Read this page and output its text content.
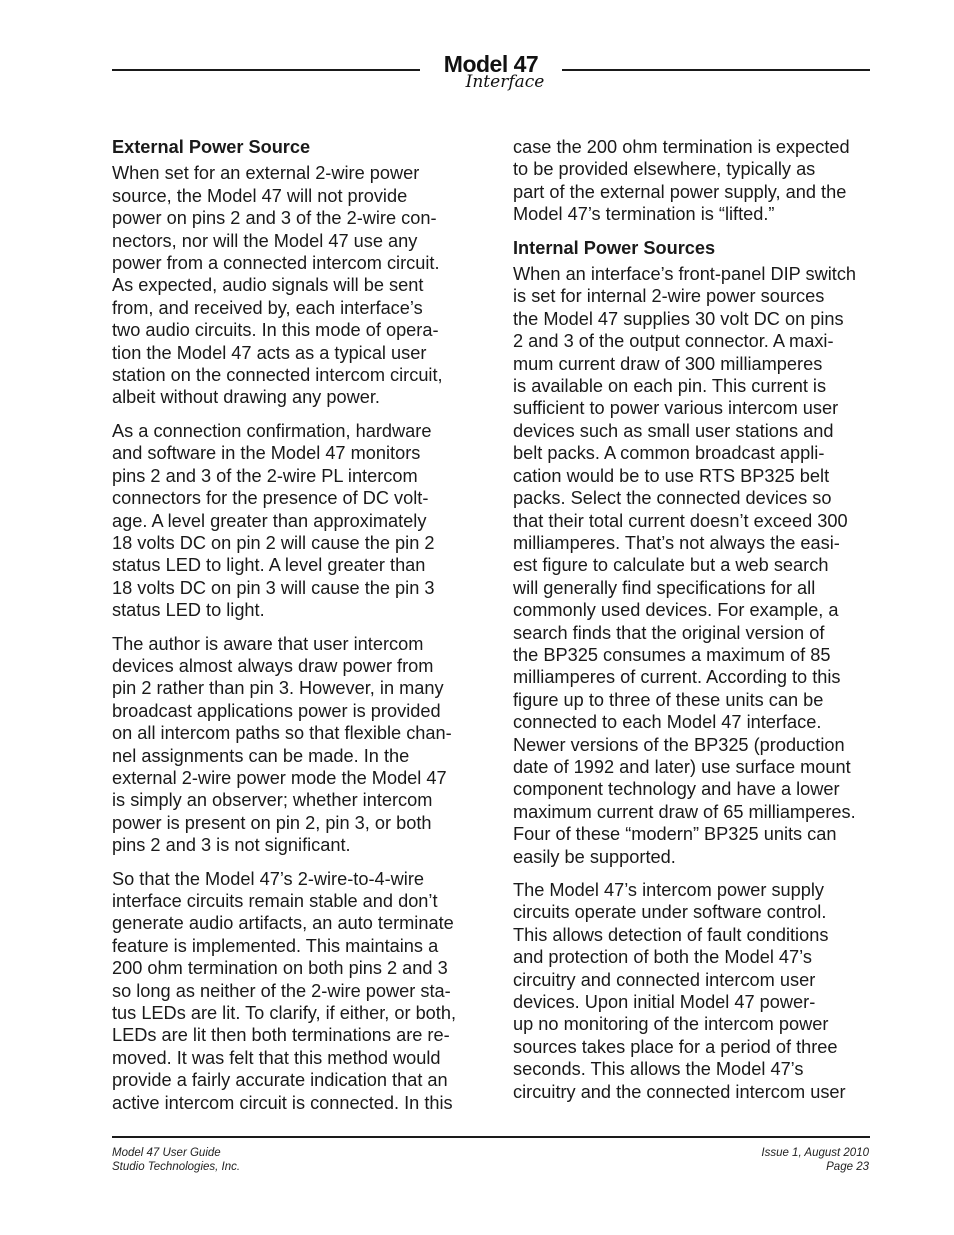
Model 47
Interface
External Power Source

When set for an external 2-wire power
source, the Model 47 will not provide
power on pins 2 and 3 of the 2-wire con-
nectors, nor will the Model 47 use any
power from a connected intercom circuit.
As expected, audio signals will be sent
from, and received by, each interface’s
two audio circuits. In this mode of opera-
tion the Model 47 acts as a typical user
station on the connected intercom circuit,
albeit without drawing any power.

As a connection confirmation, hardware
and software in the Model 47 monitors
pins 2 and 3 of the 2-wire PL intercom
connectors for the presence of DC volt-
age. A level greater than approximately
18 volts DC on pin 2 will cause the pin 2
status LED to light. A level greater than
18 volts DC on pin 3 will cause the pin 3
status LED to light.

The author is aware that user intercom
devices almost always draw power from
pin 2 rather than pin 3. However, in many
broadcast applications power is provided
on all intercom paths so that flexible chan-
nel assignments can be made. In the
external 2-wire power mode the Model 47
is simply an observer; whether intercom
power is present on pin 2, pin 3, or both
pins 2 and 3 is not significant.

So that the Model 47’s 2-wire-to-4-wire
interface circuits remain stable and don’t
generate audio artifacts, an auto terminate
feature is implemented. This maintains a
200 ohm termination on both pins 2 and 3
so long as neither of the 2-wire power sta-
tus LEDs are lit. To clarify, if either, or both,
LEDs are lit then both terminations are re-
moved. It was felt that this method would
provide a fairly accurate indication that an
active intercom circuit is connected. In this

case the 200 ohm termination is expected
to be provided elsewhere, typically as
part of the external power supply, and the
Model 47’s termination is “lifted.”

Internal Power Sources

When an interface’s front-panel DIP switch
is set for internal 2-wire power sources
the Model 47 supplies 30 volt DC on pins
2 and 3 of the output connector. A maxi-
mum current draw of 300 milliamperes
is available on each pin. This current is
sufficient to power various intercom user
devices such as small user stations and
belt packs. A common broadcast appli-
cation would be to use RTS BP325 belt
packs. Select the connected devices so
that their total current doesn’t exceed 300
milliamperes. That’s not always the easi-
est figure to calculate but a web search
will generally find specifications for all
commonly used devices. For example, a
search finds that the original version of
the BP325 consumes a maximum of 85
milliamperes of current. According to this
figure up to three of these units can be
connected to each Model 47 interface.
Newer versions of the BP325 (production
date of 1992 and later) use surface mount
component technology and have a lower
maximum current draw of 65 milliamperes.
Four of these “modern” BP325 units can
easily be supported.

The Model 47’s intercom power supply
circuits operate under software control.
This allows detection of fault conditions
and protection of both the Model 47’s
circuitry and connected intercom user
devices. Upon initial Model 47 power-
up no monitoring of the intercom power
sources takes place for a period of three
seconds. This allows the Model 47’s
circuitry and the connected intercom user

Model 47 User Guide
Studio Technologies, Inc.
Issue 1, August 2010
Page 23
